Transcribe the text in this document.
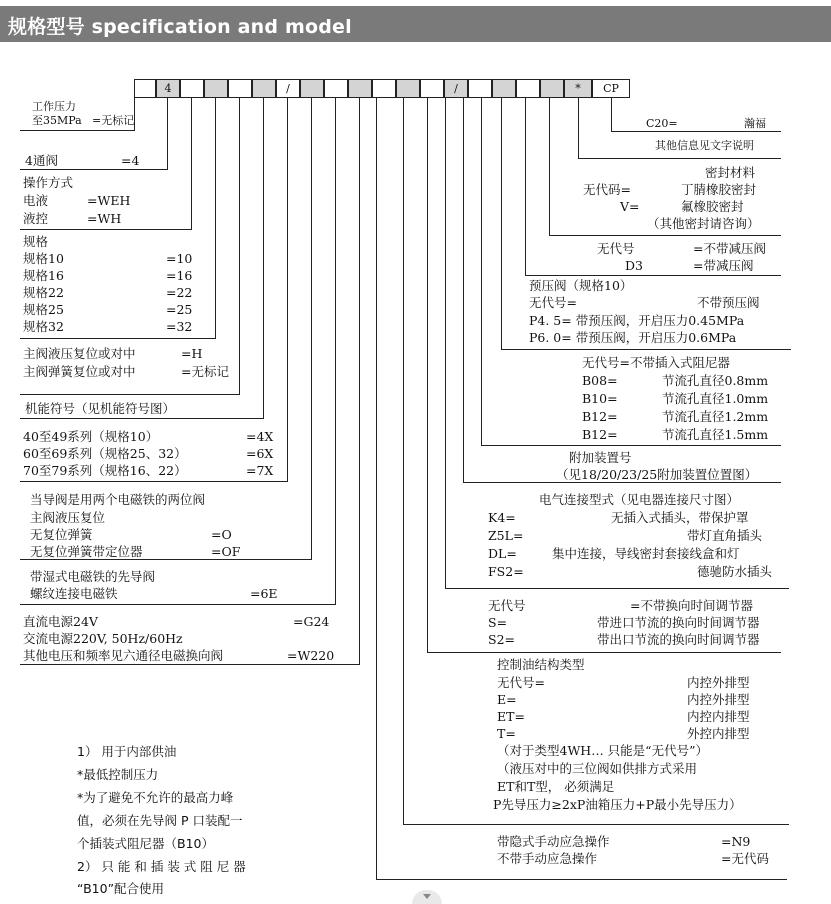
规格型号 specification and model
4	/	/	*	CP
工作压力
至35MPa =无标记
4通阀	=4
操作方式
电液	=WEH
液控	=WH
规格
规格10	=10
规格16	=16
规格22	=22
规格25	=25
规格32	=32
主阀液压复位或对中	=H
主阀弹簧复位或对中	=无标记
机能符号（见机能符号图）
40至49系列（规格10）	=4X
60至69系列（规格25、32）	=6X
70至79系列（规格16、22）	=7X
当导阀是用两个电磁铁的两位阀
主阀液压复位
无复位弹簧	=O
无复位弹簧带定位器	=OF
带湿式电磁铁的先导阀
螺纹连接电磁铁	=6E
直流电源24V	=G24
交流电源220V, 50Hz/60Hz
其他电压和频率见六通径电磁换向阀	=W220
C20=	瀚福
其他信息见文字说明
密封材料
无代码=	丁腈橡胶密封
V=	氟橡胶密封
（其他密封请咨询）
无代号	=不带减压阀
D3	=带减压阀
预压阀（规格10）
无代号=	不带预压阀
P4. 5= 带预压阀，开启压力0.45MPa
P6. 0= 带预压阀，开启压力0.6MPa
无代号=不带插入式阻尼器
B08=	节流孔直径0.8mm
B10=	节流孔直径1.0mm
B12=	节流孔直径1.2mm
B12=	节流孔直径1.5mm
附加装置号
（见18/20/23/25附加装置位置图）
电气连接型式（见电器连接尺寸图）
K4=	无插入式插头，带保护罩
Z5L=	带灯直角插头
DL=	集中连接，导线密封套接线盒和灯
FS2=	德驰防水插头
无代号	=不带换向时间调节器
S=	带进口节流的换向时间调节器
S2=	带出口节流的换向时间调节器
控制油结构类型
无代号=	内控外排型
E=	内控外排型
ET=	内控内排型
T=	外控内排型
（对于类型4WH… 只能是“无代号”）
（液压对中的三位阀如供排方式采用
ET和T型， 必须满足
P先导压力≥2xP油箱压力+P最小先导压力）
带隐式手动应急操作	=N9
不带手动应急操作	=无代码
1） 用于内部供油
*最低控制压力
*为了避免不允许的最高力峰
值，必须在先导阀 P 口装配一
个插装式阻尼器（B10）
2） 只 能 和 插 装 式 阻 尼 器
“B10”配合使用
